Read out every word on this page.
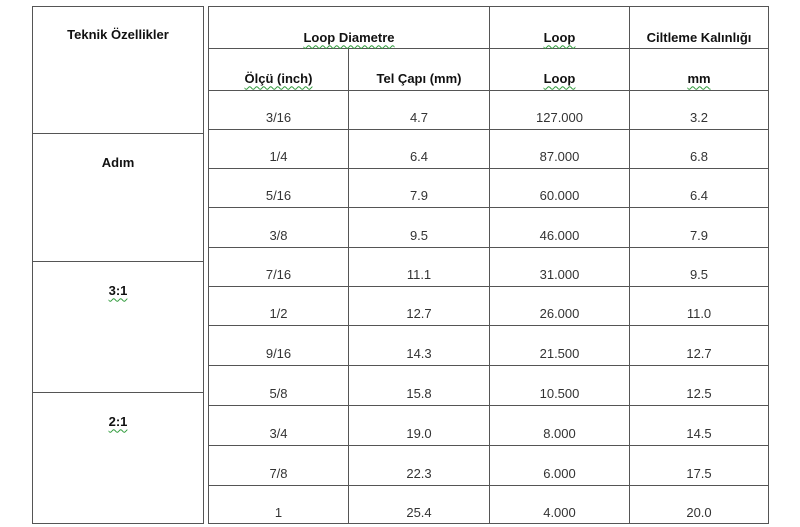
Teknik Özellikler
Adım
3:1
2:1
Loop Diametre	Loop	Ciltleme Kalınlığı
Ölçü (inch)	Tel Çapı (mm)	Loop	mm
3/16	4.7	127.000	3.2
1/4	6.4	87.000	6.8
5/16	7.9	60.000	6.4
3/8	9.5	46.000	7.9
7/16	11.1	31.000	9.5
1/2	12.7	26.000	11.0
9/16	14.3	21.500	12.7
5/8	15.8	10.500	12.5
3/4	19.0	8.000	14.5
7/8	22.3	6.000	17.5
1	25.4	4.000	20.0
